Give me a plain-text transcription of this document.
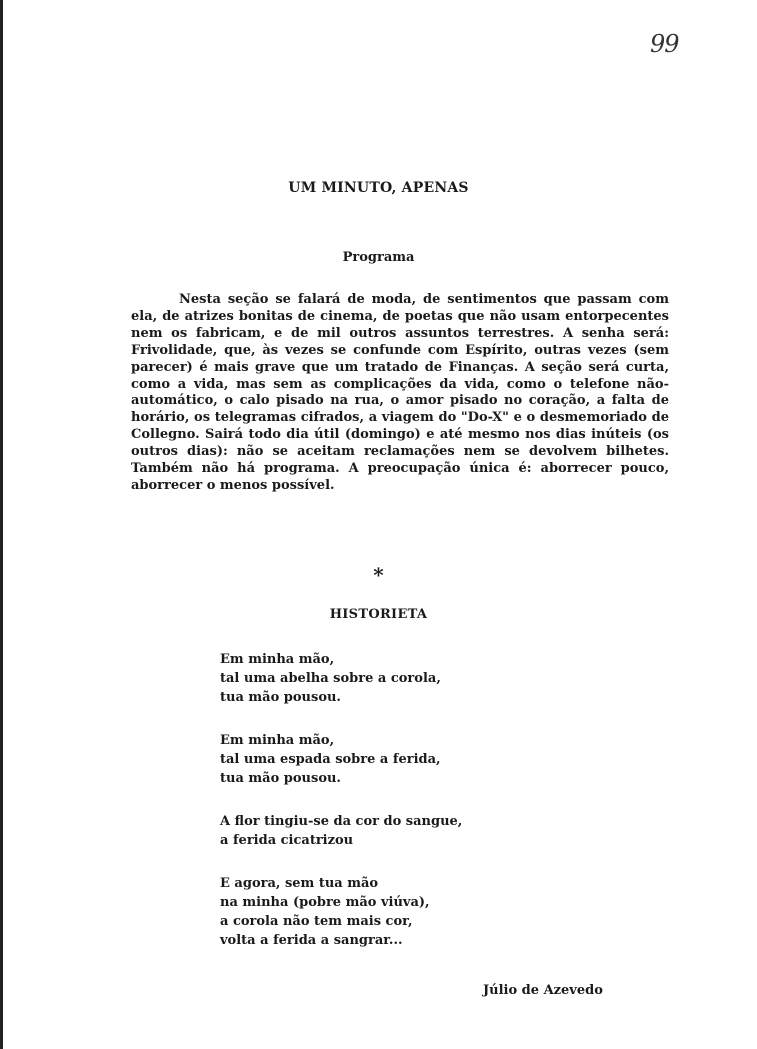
99
UM MINUTO, APENAS
Programa

Nesta seção se falará de moda, de sentimentos que passam com ela, de atrizes bonitas de cinema, de poetas que não usam entorpecentes nem os fabricam, e de mil outros assuntos terrestres. A senha será: Frivolidade, que, às vezes se confunde com Espírito, outras vezes (sem parecer) é mais grave que um tratado de Finanças. A seção será curta, como a vida, mas sem as complicações da vida, como o telefone não-automático, o calo pisado na rua, o amor pisado no coração, a falta de horário, os telegramas cifrados, a viagem do "Do-X" e o desmemoriado de Collegno. Sairá todo dia útil (domingo) e até mesmo nos dias inúteis (os outros dias): não se aceitam reclamações nem se devolvem bilhetes. Também não há programa. A preocupação única é: aborrecer pouco, aborrecer o menos possível.

*
HISTORIETA
Em minha mão,
tal uma abelha sobre a corola,
tua mão pousou.
Em minha mão,
tal uma espada sobre a ferida,
tua mão pousou.
A flor tingiu-se da cor do sangue,
a ferida cicatrizou
E agora, sem tua mão
na minha (pobre mão viúva),
a corola não tem mais cor,
volta a ferida a sangrar...
Júlio de Azevedo
